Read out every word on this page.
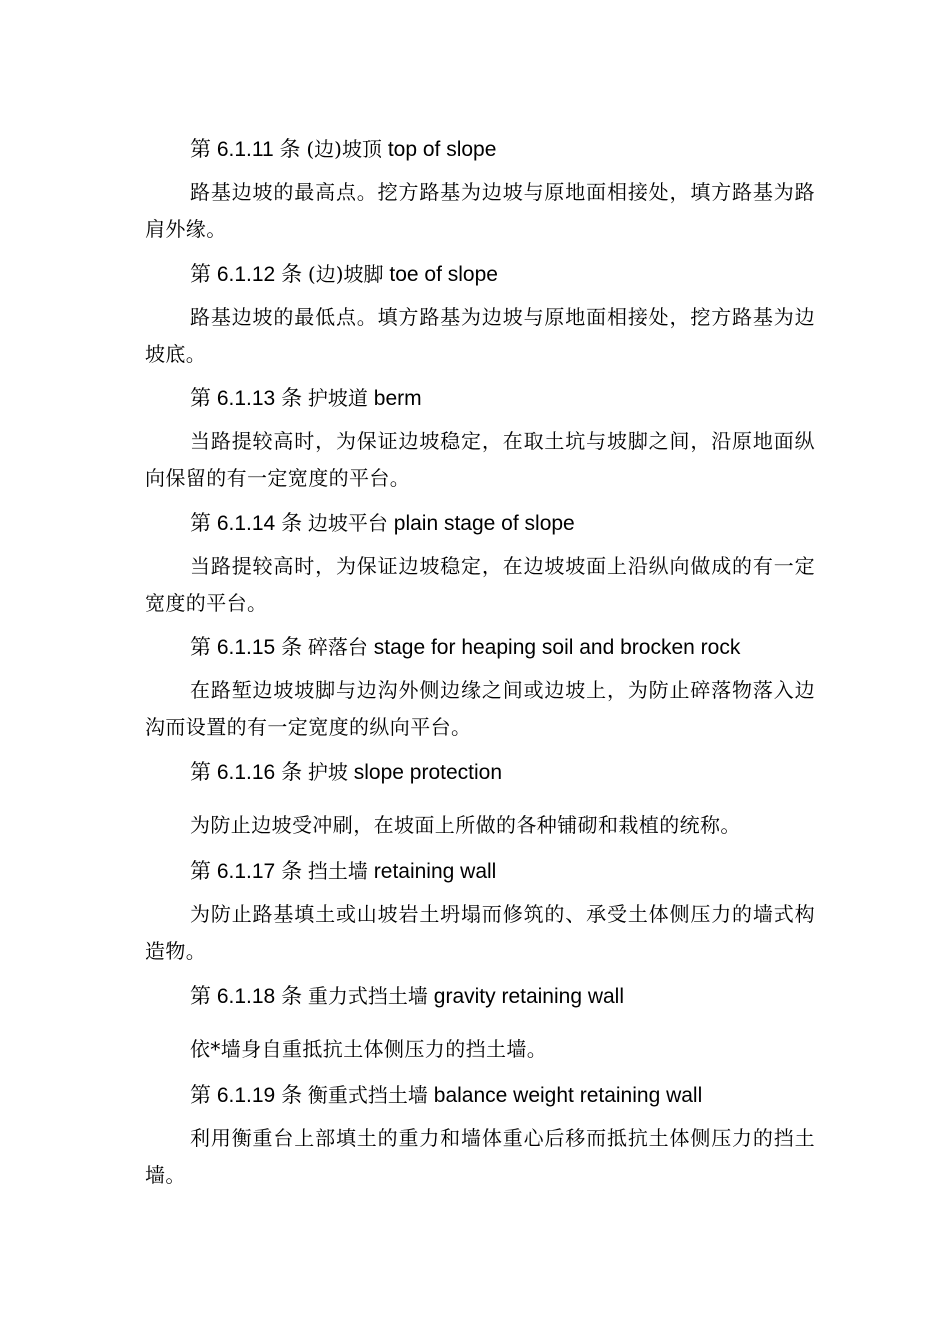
第 6.1.11 条 (边)坡顶 top of slope

路基边坡的最高点。挖方路基为边坡与原地面相接处，填方路基为路肩外缘。

第 6.1.12 条 (边)坡脚 toe of slope

路基边坡的最低点。填方路基为边坡与原地面相接处，挖方路基为边坡底。

第 6.1.13 条 护坡道 berm

当路提较高时，为保证边坡稳定，在取土坑与坡脚之间，沿原地面纵向保留的有一定宽度的平台。

第 6.1.14 条 边坡平台 plain stage of slope

当路提较高时，为保证边坡稳定，在边坡坡面上沿纵向做成的有一定宽度的平台。

第 6.1.15 条 碎落台 stage for heaping soil and brocken rock

在路堑边坡坡脚与边沟外侧边缘之间或边坡上，为防止碎落物落入边沟而设置的有一定宽度的纵向平台。

第 6.1.16 条 护坡 slope protection

为防止边坡受冲刷，在坡面上所做的各种铺砌和栽植的统称。

第 6.1.17 条 挡土墙 retaining wall

为防止路基填土或山坡岩土坍塌而修筑的、承受土体侧压力的墙式构造物。

第 6.1.18 条 重力式挡土墙 gravity retaining wall

依*墙身自重抵抗土体侧压力的挡土墙。

第 6.1.19 条 衡重式挡土墙 balance weight retaining wall

利用衡重台上部填土的重力和墙体重心后移而抵抗土体侧压力的挡土墙。
